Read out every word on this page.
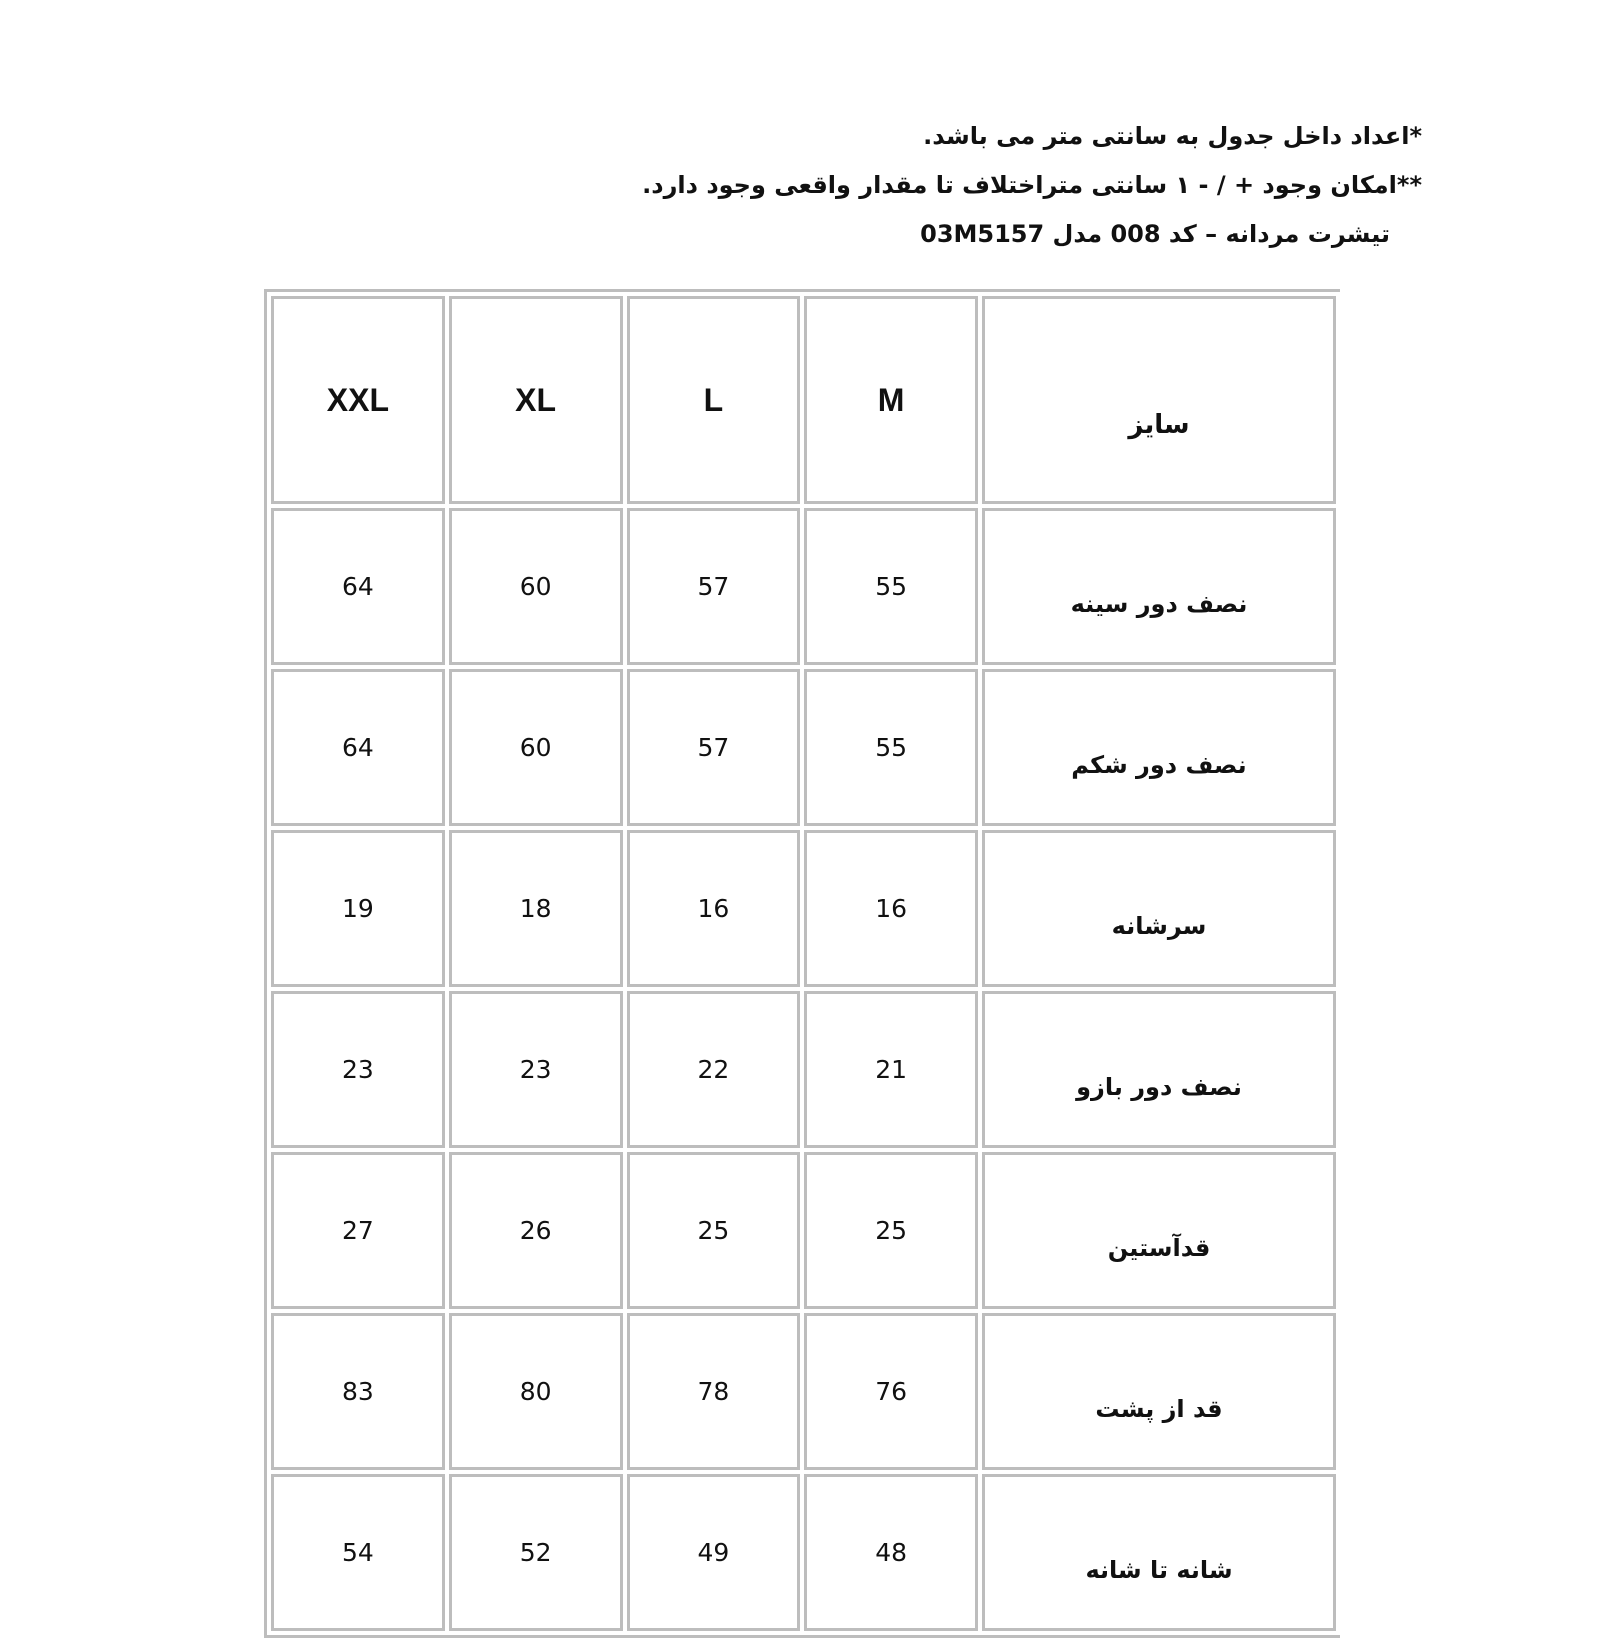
*اعداد داخل جدول به سانتی متر می باشد.
**امکان وجود + / - ۱ سانتی متراختلاف تا مقدار واقعی وجود دارد.
تیشرت مردانه – کد 008 مدل 03M5157
XXL	XL	L	M	سایز
64	60	57	55	نصف دور سینه
64	60	57	55	نصف دور شکم
19	18	16	16	سرشانه
23	23	22	21	نصف دور بازو
27	26	25	25	قدآستین
83	80	78	76	قد از پشت
54	52	49	48	شانه تا شانه
